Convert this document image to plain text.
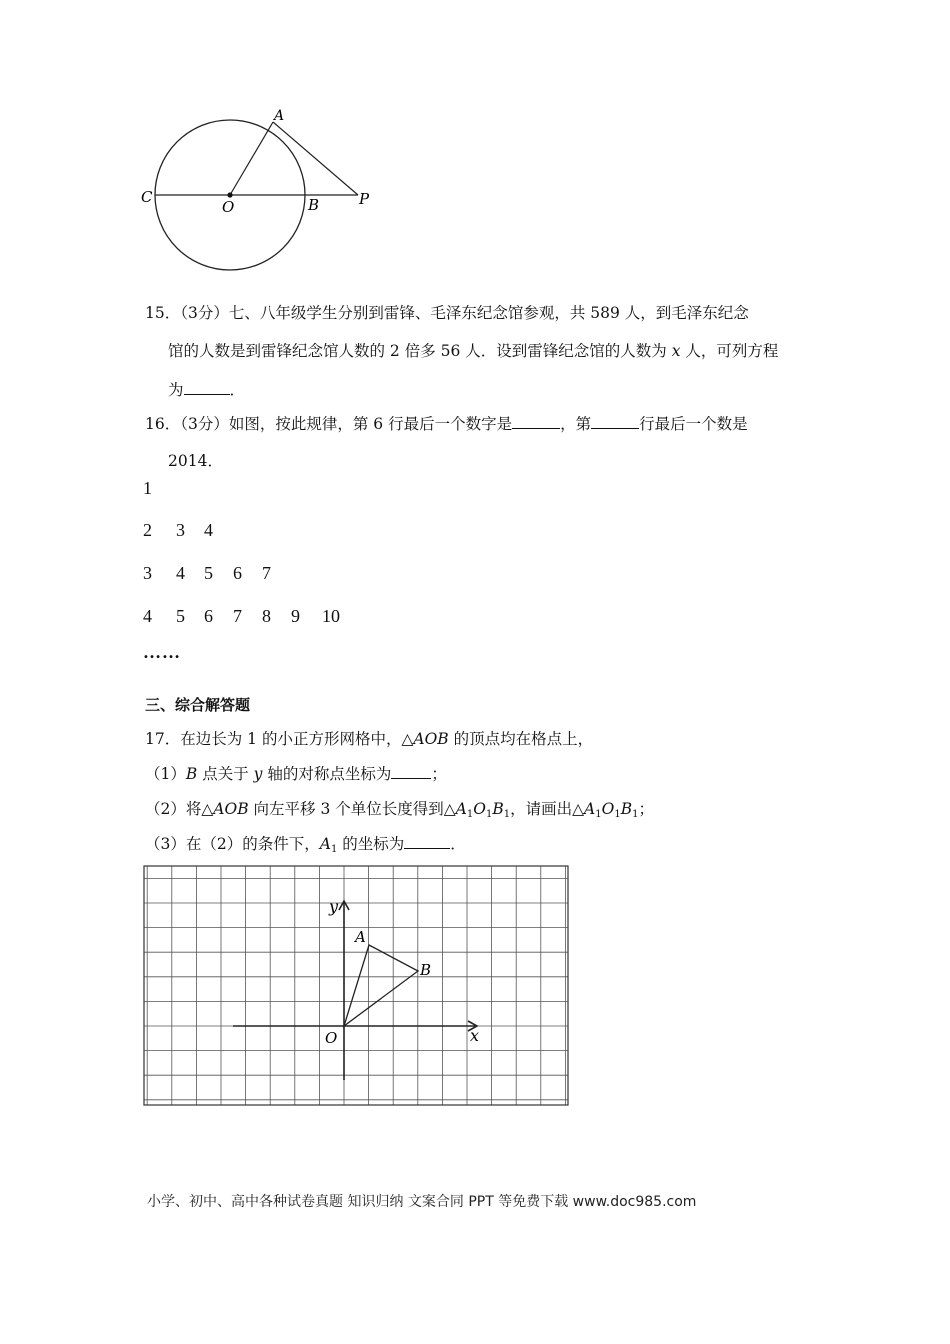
A
C
O	B	P
15．（3分）七、八年级学生分别到雷锋、毛泽东纪念馆参观，共 589 人，到毛泽东纪念
馆的人数是到雷锋纪念馆人数的 2 倍多 56 人．设到雷锋纪念馆的人数为 x 人，可列方程
为	．
16．（3分）如图，按此规律，第 6 行最后一个数字是	，第	行最后一个数是
2014．
1
2 3 4
3 4 5 6 7
4 5 6 7 8 9 10
……
三、综合解答题
17．在边长为 1 的小正方形网格中，△AOB 的顶点均在格点上，
（1）B 点关于 y 轴的对称点坐标为	；
（2）将△AOB 向左平移 3 个单位长度得到$\triangle A_1O_1B_1$，请画出$\triangle A_1O_1B_1$；
（3）在（2）的条件下，$A_1$ 的坐标为	．
y
x
A
B
O
小学、初中、高中各种试卷真题 知识归纳 文案合同 PPT 等免费下载 www.doc985.com
